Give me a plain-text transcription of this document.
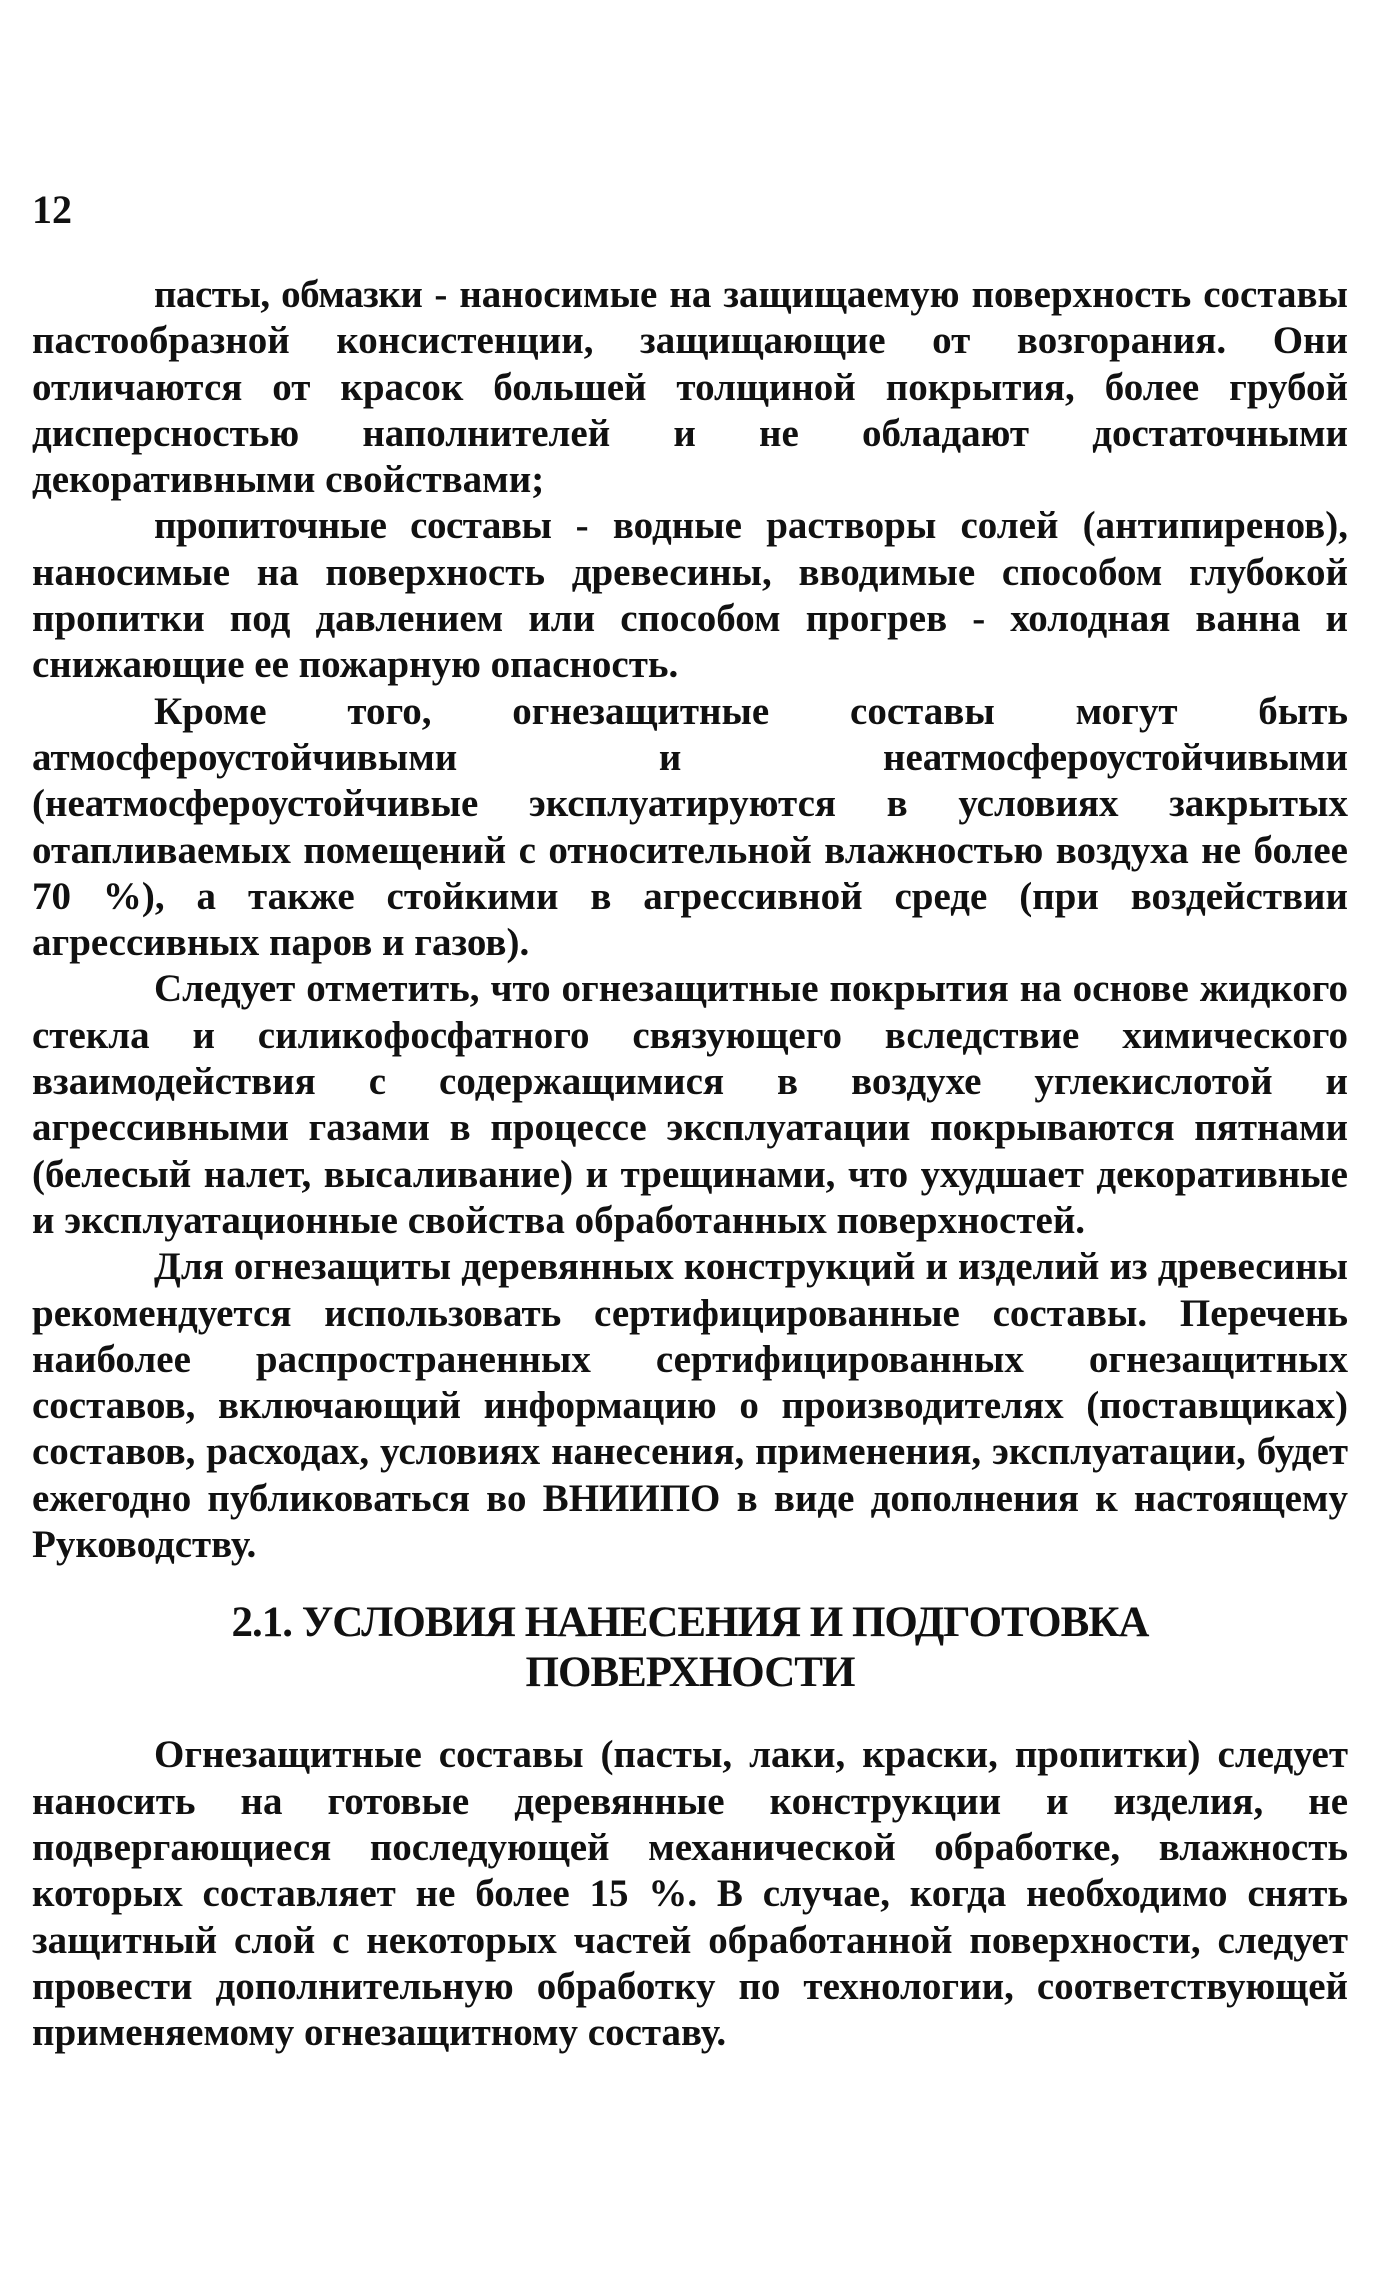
12

пасты, обмазки - наносимые на защищаемую поверхность составы пастообразной консистенции, защищающие от возгорания. Они отличаются от красок большей толщиной покрытия, более грубой дисперсностью наполнителей и не обладают достаточными декоративными свойствами;

пропиточные составы - водные растворы солей (антипиренов), наносимые на поверхность древесины, вводимые способом глубокой пропитки под давлением или способом прогрев - холодная ванна и снижающие ее пожарную опасность.

Кроме того, огнезащитные составы могут быть атмосфероустойчивыми и неатмосфероустойчивыми (неатмосфероустойчивые эксплуатируются в условиях закрытых отапливаемых помещений с относительной влажностью воздуха не более 70 %), а также стойкими в агрессивной среде (при воздействии агрессивных паров и газов).

Следует отметить, что огнезащитные покрытия на основе жидкого стекла и силикофосфатного связующего вследствие химического взаимодействия с содержащимися в воздухе углекислотой и агрессивными газами в процессе эксплуатации покрываются пятнами (белесый налет, высаливание) и трещинами, что ухудшает декоративные и эксплуатационные свойства обработанных поверхностей.

Для огнезащиты деревянных конструкций и изделий из древесины рекомендуется использовать сертифицированные составы. Перечень наиболее распространенных сертифицированных огнезащитных составов, включающий информацию о производителях (поставщиках) составов, расходах, условиях нанесения, применения, эксплуатации, будет ежегодно публиковаться во ВНИИПО в виде дополнения к настоящему Руководству.

2.1. УСЛОВИЯ НАНЕСЕНИЯ И ПОДГОТОВКА
ПОВЕРХНОСТИ

Огнезащитные составы (пасты, лаки, краски, пропитки) следует наносить на готовые деревянные конструкции и изделия, не подвергающиеся последующей механической обработке, влажность которых составляет не более 15 %. В случае, когда необходимо снять защитный слой с некоторых частей обработанной поверхности, следует провести дополнительную обработку по технологии, соответствующей применяемому огнезащитному составу.
